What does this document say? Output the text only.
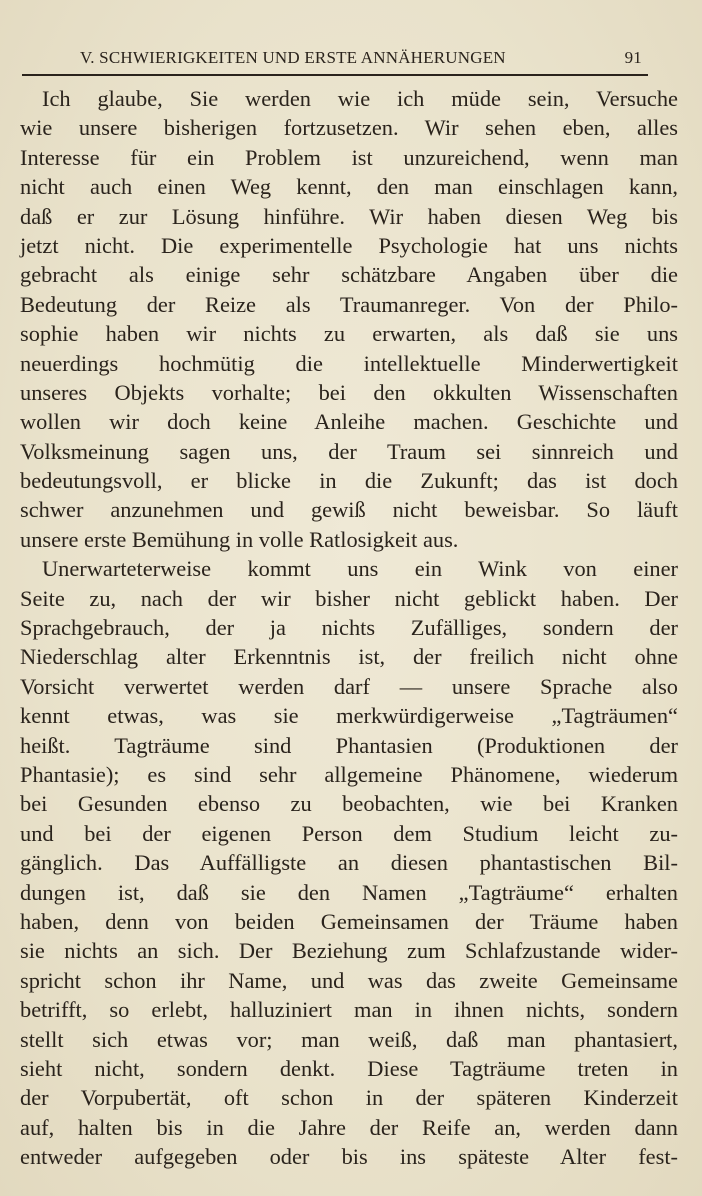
V. SCHWIERIGKEITEN UND ERSTE ANNÄHERUNGEN	91
Ich glaube, Sie werden wie ich müde sein, Versuche
wie unsere bisherigen fortzusetzen. Wir sehen eben, alles
Interesse für ein Problem ist unzureichend, wenn man
nicht auch einen Weg kennt, den man einschlagen kann,
daß er zur Lösung hinführe. Wir haben diesen Weg bis
jetzt nicht. Die experimentelle Psychologie hat uns nichts
gebracht als einige sehr schätzbare Angaben über die
Bedeutung der Reize als Traumanreger. Von der Philo-
sophie haben wir nichts zu erwarten, als daß sie uns
neuerdings hochmütig die intellektuelle Minderwertigkeit
unseres Objekts vorhalte; bei den okkulten Wissenschaften
wollen wir doch keine Anleihe machen. Geschichte und
Volksmeinung sagen uns, der Traum sei sinnreich und
bedeutungsvoll, er blicke in die Zukunft; das ist doch
schwer anzunehmen und gewiß nicht beweisbar. So läuft
unsere erste Bemühung in volle Ratlosigkeit aus.
Unerwarteterweise kommt uns ein Wink von einer
Seite zu, nach der wir bisher nicht geblickt haben. Der
Sprachgebrauch, der ja nichts Zufälliges, sondern der
Niederschlag alter Erkenntnis ist, der freilich nicht ohne
Vorsicht verwertet werden darf — unsere Sprache also
kennt etwas, was sie merkwürdigerweise „Tagträumen“
heißt. Tagträume sind Phantasien (Produktionen der
Phantasie); es sind sehr allgemeine Phänomene, wiederum
bei Gesunden ebenso zu beobachten, wie bei Kranken
und bei der eigenen Person dem Studium leicht zu-
gänglich. Das Auffälligste an diesen phantastischen Bil-
dungen ist, daß sie den Namen „Tagträume“ erhalten
haben, denn von beiden Gemeinsamen der Träume haben
sie nichts an sich. Der Beziehung zum Schlafzustande wider-
spricht schon ihr Name, und was das zweite Gemeinsame
betrifft, so erlebt, halluziniert man in ihnen nichts, sondern
stellt sich etwas vor; man weiß, daß man phantasiert,
sieht nicht, sondern denkt. Diese Tagträume treten in
der Vorpubertät, oft schon in der späteren Kinderzeit
auf, halten bis in die Jahre der Reife an, werden dann
entweder aufgegeben oder bis ins späteste Alter fest-
